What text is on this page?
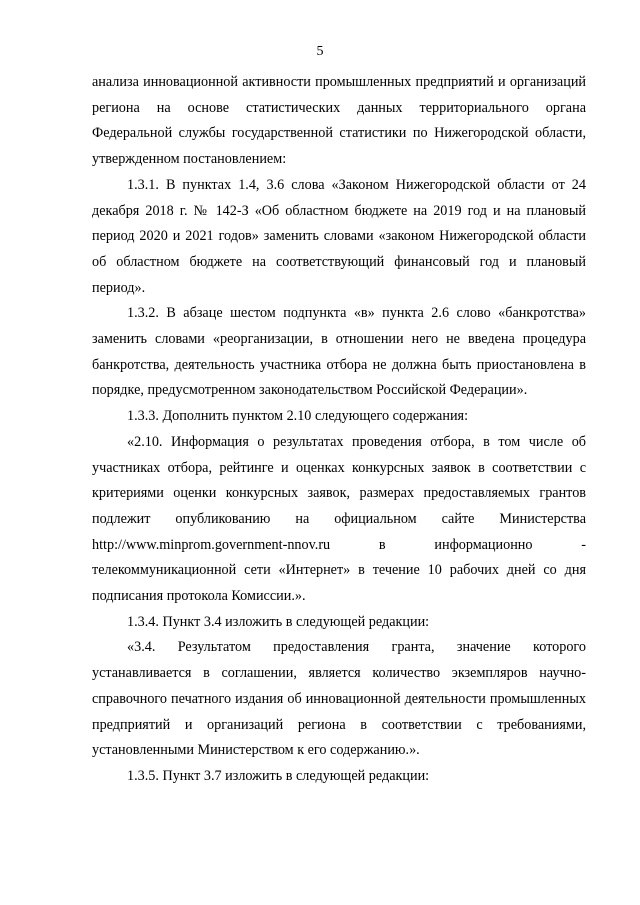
5

анализа инновационной активности промышленных предприятий и организаций региона на основе статистических данных территориального органа Федеральной службы государственной статистики по Нижегородской области, утвержденном постановлением:

1.3.1. В пунктах 1.4, 3.6 слова «Законом Нижегородской области от 24 декабря 2018 г. № 142-З «Об областном бюджете на 2019 год и на плановый период 2020 и 2021 годов» заменить словами «законом Нижегородской области об областном бюджете на соответствующий финансовый год и плановый период».

1.3.2. В абзаце шестом подпункта «в» пункта 2.6 слово «банкротства» заменить словами «реорганизации, в отношении него не введена процедура банкротства, деятельность участника отбора не должна быть приостановлена в порядке, предусмотренном законодательством Российской Федерации».

1.3.3. Дополнить пунктом 2.10 следующего содержания:

«2.10. Информация о результатах проведения отбора, в том числе об участниках отбора, рейтинге и оценках конкурсных заявок в соответствии с критериями оценки конкурсных заявок, размерах предоставляемых грантов подлежит опубликованию на официальном сайте Министерства http://www.minprom.government-nnov.ru в информационно - телекоммуникационной сети «Интернет» в течение 10 рабочих дней со дня подписания протокола Комиссии.».

1.3.4. Пункт 3.4 изложить в следующей редакции:

«3.4. Результатом предоставления гранта, значение которого устанавливается в соглашении, является количество экземпляров научно-справочного печатного издания об инновационной деятельности промышленных предприятий и организаций региона в соответствии с требованиями, установленными Министерством к его содержанию.».

1.3.5. Пункт 3.7 изложить в следующей редакции:
